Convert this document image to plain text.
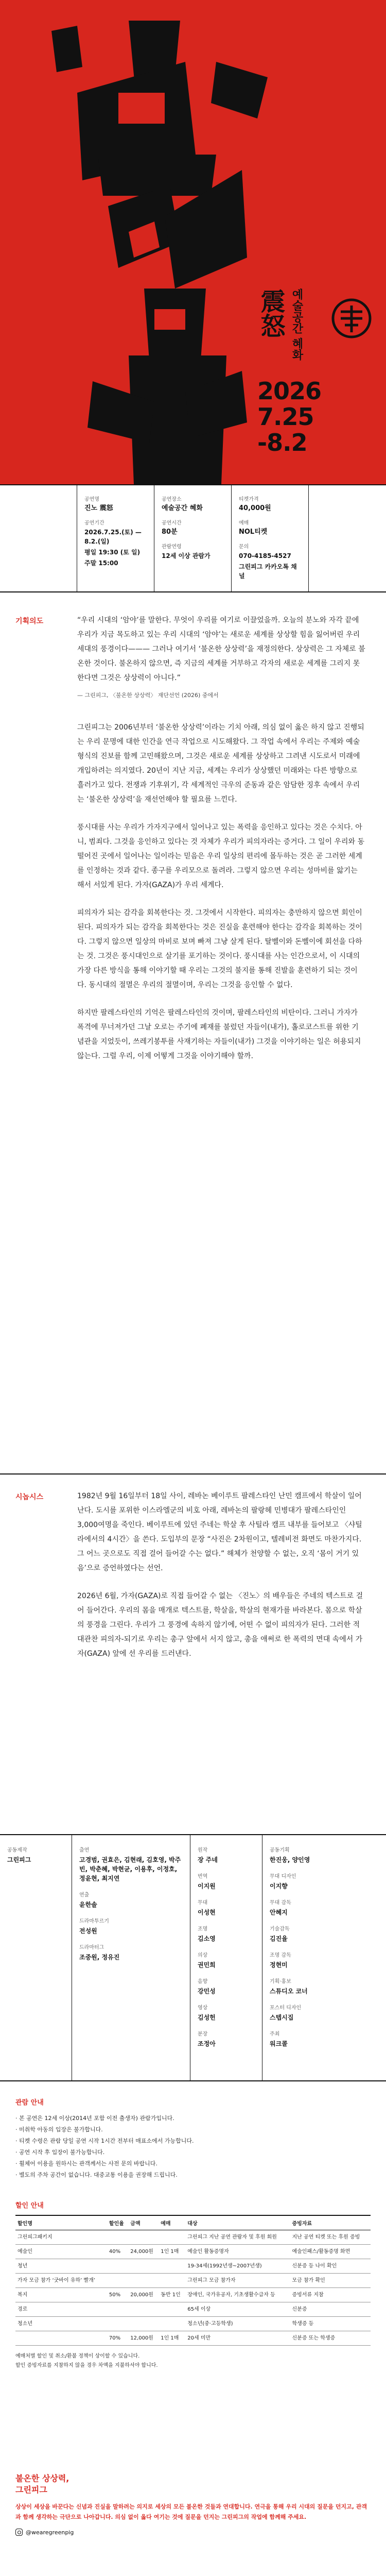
震怒 예술공간 혜화
2026
7.25
-8.2
공연명
진노 震怒
공연기간
2026.7.25.(토) — 8.2.(일)
평일 19:30 (토 일)
주말 15:00
공연장소
예술공간 혜화
공연시간
80분
관람연령
12세 이상 관람가
티켓가격
40,000원
예매
NOL티켓
문의
070-4185-4527
그린피그 카카오톡 채널
기획의도	“우리 시대의 ‘암야’를 말한다. 무엇이 우리를 여기로 이끌었을까. 오늘의 분노와 자각 끝에 우리가 지금 목도하고 있는 우리 시대의 ‘암야’는 새로운 세계를 상상할 힘을 잃어버린 우리 세대의 풍경이다——— 그러나 여기서 ‘불온한 상상력’을 재정의한다. 상상력은 그 자체로 불온한 것이다. 불온하지 않으면, 즉 지금의 세계를 거부하고 각자의 새로운 세계를 그리지 못한다면 그것은 상상력이 아니다.”
— 그린피그, 〈불온한 상상력〉 재단선언 (2026) 중에서

그린피그는 2006년부터 ‘불온한 상상력’이라는 기치 아래, 의심 없이 옳은 하지 않고 진행되는 우리 문명에 대한 인간을 연극 작업으로 시도해왔다. 그 작업 속에서 우리는 주제와 예술형식의 진보를 함께 고민해왔으며, 그것은 새로운 세계를 상상하고 그려낸 시도로서 미래에 개입하려는 의지였다. 20년이 지난 지금, 세계는 우리가 상상했던 미래와는 다른 방향으로 흘러가고 있다. 전쟁과 기후위기, 각 세계적인 극우의 준동과 같은 암담한 징후 속에서 우리는 ‘불온한 상상력’을 재선언해야 할 필요를 느낀다.

풍시대를 사는 우리가 가자지구에서 일어나고 있는 폭력을 응인하고 있다는 것은 수치다. 아니, 범죄다. 그것을 응인하고 있다는 것 자체가 우리가 피의자라는 증거다. 그 일이 우리와 동떨어진 곳에서 일어나는 일이라는 믿음은 우리 일상의 편리에 몰두하는 것은 곧 그러한 세계를 인정하는 것과 같다. 종구를 우리모으로 돌려라. 그렇지 않으면 우리는 성마비를 앓기는 해서 서있게 된다. 가자(GAZA)가 우리 세계다.

피의자가 되는 감각을 회복한다는 것. 그것에서 시작한다. 피의자는 충만하지 않으면 회인이 된다. 피의자가 되는 감각을 회복한다는 것은 진실을 훈련해야 한다는 감각을 회복하는 것이다. 그렇지 않으면 일상의 마비로 보며 빠져 그냥 살게 된다. 탈벨이와 돈벨이에 회선을 다하는 것. 그것은 풍시대인으로 살기를 포기하는 것이다. 풍시대를 사는 인간으로서, 이 시대의 가장 다른 방식을 통해 이야기할 때 우리는 그것의 불지를 통해 진발을 훈련하기 되는 것이다. 동시대의 절멸은 우리의 절멸이며, 우리는 그것을 응인할 수 없다.

하지만 팔레스타인의 기억은 팔레스타인의 것이며, 팔레스타인의 비탄이다. 그러니 가자가 폭격에 무너져가던 그날 오로는 주기에 폐재를 불렀던 자들이(내가), 홀로코스트를 위한 기념관을 지었듯이, 쓰레기봉투를 사재기하는 자들이(내가) 그것을 이야기하는 일은 허용되지 않는다. 그럴 우리, 이제 어떻게 그것을 이야기해야 할까.

시놉시스	1982년 9월 16일부터 18일 사이, 레바논 베이루트 팔레스타인 난민 캠프에서 학살이 일어난다. 도시를 포위한 이스라엘군의 비호 아래, 레바논의 팔랑헤 민병대가 팔레스타인인 3,000여명을 죽인다. 베이루트에 있던 주네는 학살 후 사틸라 캠프 내부를 들어보고 〈샤틸라에서의 4시간〉을 쓴다. 도입부의 문장 “사진은 2차원이고, 텔레비전 화면도 마찬가지다. 그 어느 곳으로도 직접 걸어 들어갈 수는 없다.” 해체가 천양할 수 없는, 오직 ‘몸이 거기 있음’으로 증언하였다는 선언.

2026년 6월, 가자(GAZA)로 직접 들어갈 수 없는 〈진노〉의 배우들은 주네의 텍스트로 걸어 들어간다. 우리의 몸을 매개로 텍스트를, 학살을, 학살의 현재가를 바라본다. 몸으로 학살의 풍경을 그린다. 우리가 그 풍경에 속하지 않기에, 어떤 수 없이 피의자가 된다. 그러한 적대관찬 피의자-되기로 우리는 총구 앞에서 서지 않고, 총을 애써로 한 폭력의 면대 속에서 가자(GAZA) 앞에 선 우리를 드러낸다.

공동제작
그린피그
출연
고경범, 권효은, 김현래, 김호영, 박주빈, 박춘혜, 박현균, 이용후, 이정호, 정윤현, 최지연
연출
윤한솔
드라마투르기
전성원
드라마터그
조중원, 정유진
원작
장 주네
번역
이지원
무대
이성현
조명
김소영
의상
권민희
음향
강민성
영상
김성헌
분장
조정아
공동기획
한진웅, 양인영
무대 디자인
이지향
무대 감독
안혜지
기술감독
김진율
조명 감독
정현미
기획·홍보
스튜디오 코너
포스터 디자인
스텝시집
주최
워크콜
관람 안내
· 본 공연은 12세 이상(2014년 포함 이전 출생자) 관람가입니다.
· 미취학 아동의 입장은 불가합니다.
· 티켓 수령은 관람 당일 공연 시작 1시간 전부터 매표소에서 가능합니다.
· 공연 시작 후 입장이 불가능합니다.
· 휠체어 이용을 원하시는 관객께서는 사전 문의 바랍니다.
· 별도의 주차 공간이 없습니다. 대중교통 이용을 권장해 드립니다.
할인 안내
할인명	할인율	금액	예매	대상	증빙자료
그린피그패키지				그린피그 지난 공연 관람자 및 후원 회원	지난 공연 티켓 또는 후원 증빙
예술인	40%	24,000원	1인 1매	예술인 활동증명자	예술인패스/활동증명 화면
청년				19-34세(1992년생~2007년생)	신분증 등 나이 확인
가자 모금 참가 ‘굿바이 유하’ 빨개’				그린피그 모금 참가자	모금 참가 확인
복지	50%	20,000원	동반 1인	장애인, 국가유공자, 기초생활수급자 등	증빙서류 지참
경로				65세 이상	신분증
청소년				청소년(중·고등학생)	학생증 등
	70%	12,000원	1인 1매	20세 미만	신분증 또는 학생증
예매처별 할인 및 취소/환불 정책이 상이할 수 있습니다.
할인 증빙자료를 지참하지 않을 경우 차액을 지불하셔야 합니다.
불온한 상상력,
그린피그
상상이 세상을 바꾼다는 신념과 진실을 말하려는 의지로 세상의 모든 불온한 것들과 연대합니다. 연극을 통해 우리 시대의 질문을 던지고, 관객과 함께 생각하는 극단으로 나아갑니다. 의심 없이 옳다 여기는 것에 질문을 던지는 그린피그의 작업에 함께해 주세요.
@wearegreenpig
